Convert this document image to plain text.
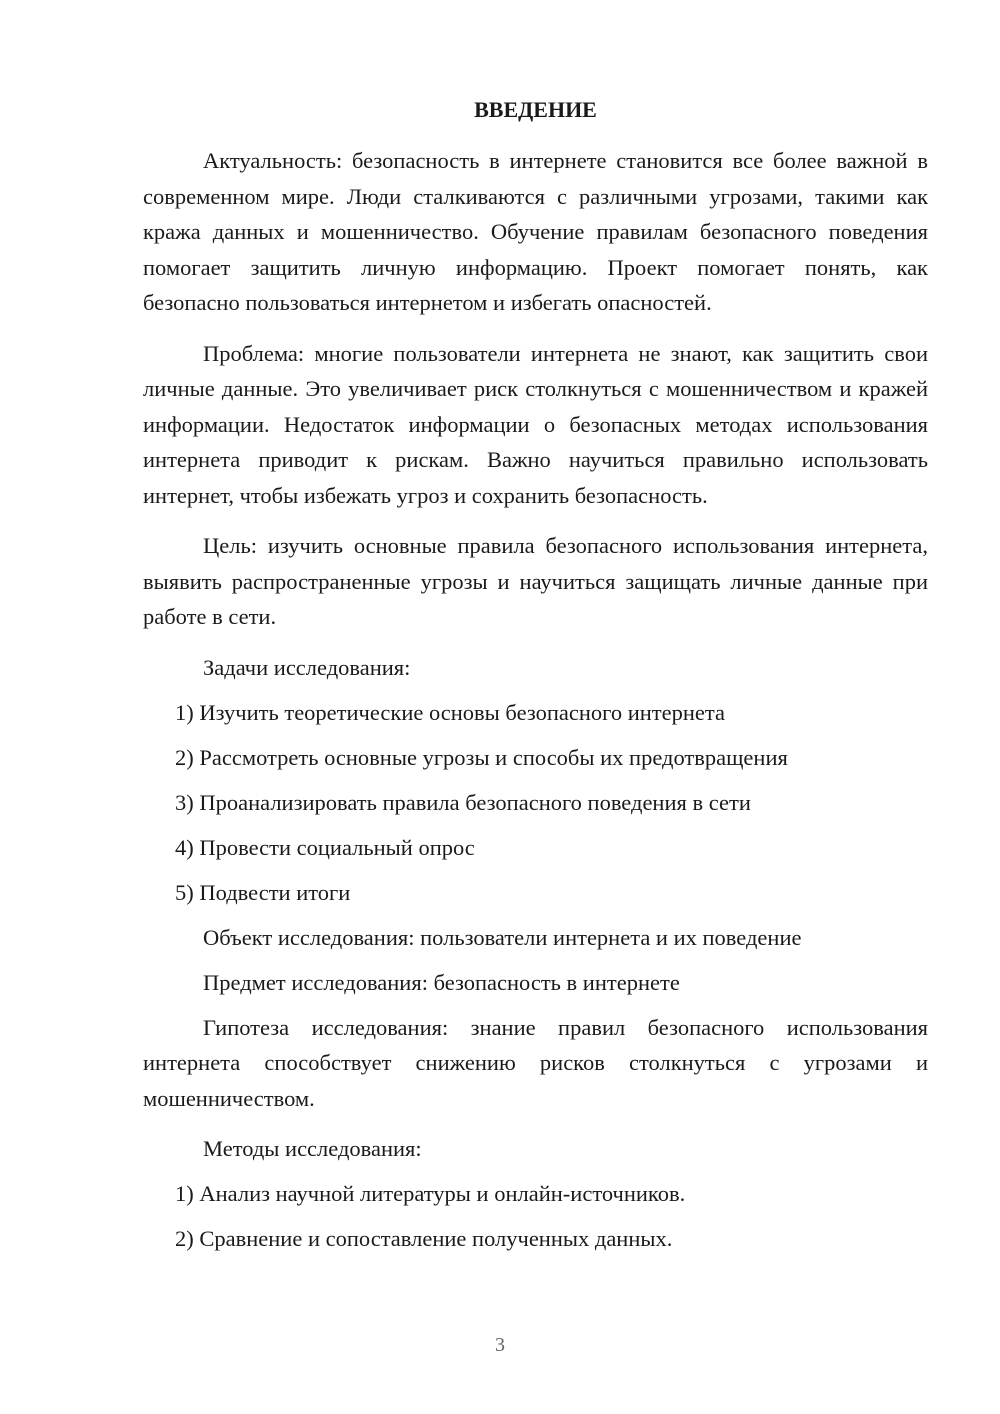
ВВЕДЕНИЕ

Актуальность: безопасность в интернете становится все более важной в современном мире. Люди сталкиваются с различными угрозами, такими как кража данных и мошенничество. Обучение правилам безопасного поведения помогает защитить личную информацию. Проект помогает понять, как безопасно пользоваться интернетом и избегать опасностей.

Проблема: многие пользователи интернета не знают, как защитить свои личные данные. Это увеличивает риск столкнуться с мошенничеством и кражей информации. Недостаток информации о безопасных методах использования интернета приводит к рискам. Важно научиться правильно использовать интернет, чтобы избежать угроз и сохранить безопасность.

Цель: изучить основные правила безопасного использования интернета, выявить распространенные угрозы и научиться защищать личные данные при работе в сети.

Задачи исследования:
1) Изучить теоретические основы безопасного интернета
2) Рассмотреть основные угрозы и способы их предотвращения
3) Проанализировать правила безопасного поведения в сети
4) Провести социальный опрос
5) Подвести итоги
Объект исследования: пользователи интернета и их поведение
Предмет исследования: безопасность в интернете

Гипотеза исследования: знание правил безопасного использования интернета способствует снижению рисков столкнуться с угрозами и мошенничеством.

Методы исследования:
1) Анализ научной литературы и онлайн-источников.
2) Сравнение и сопоставление полученных данных.
3
